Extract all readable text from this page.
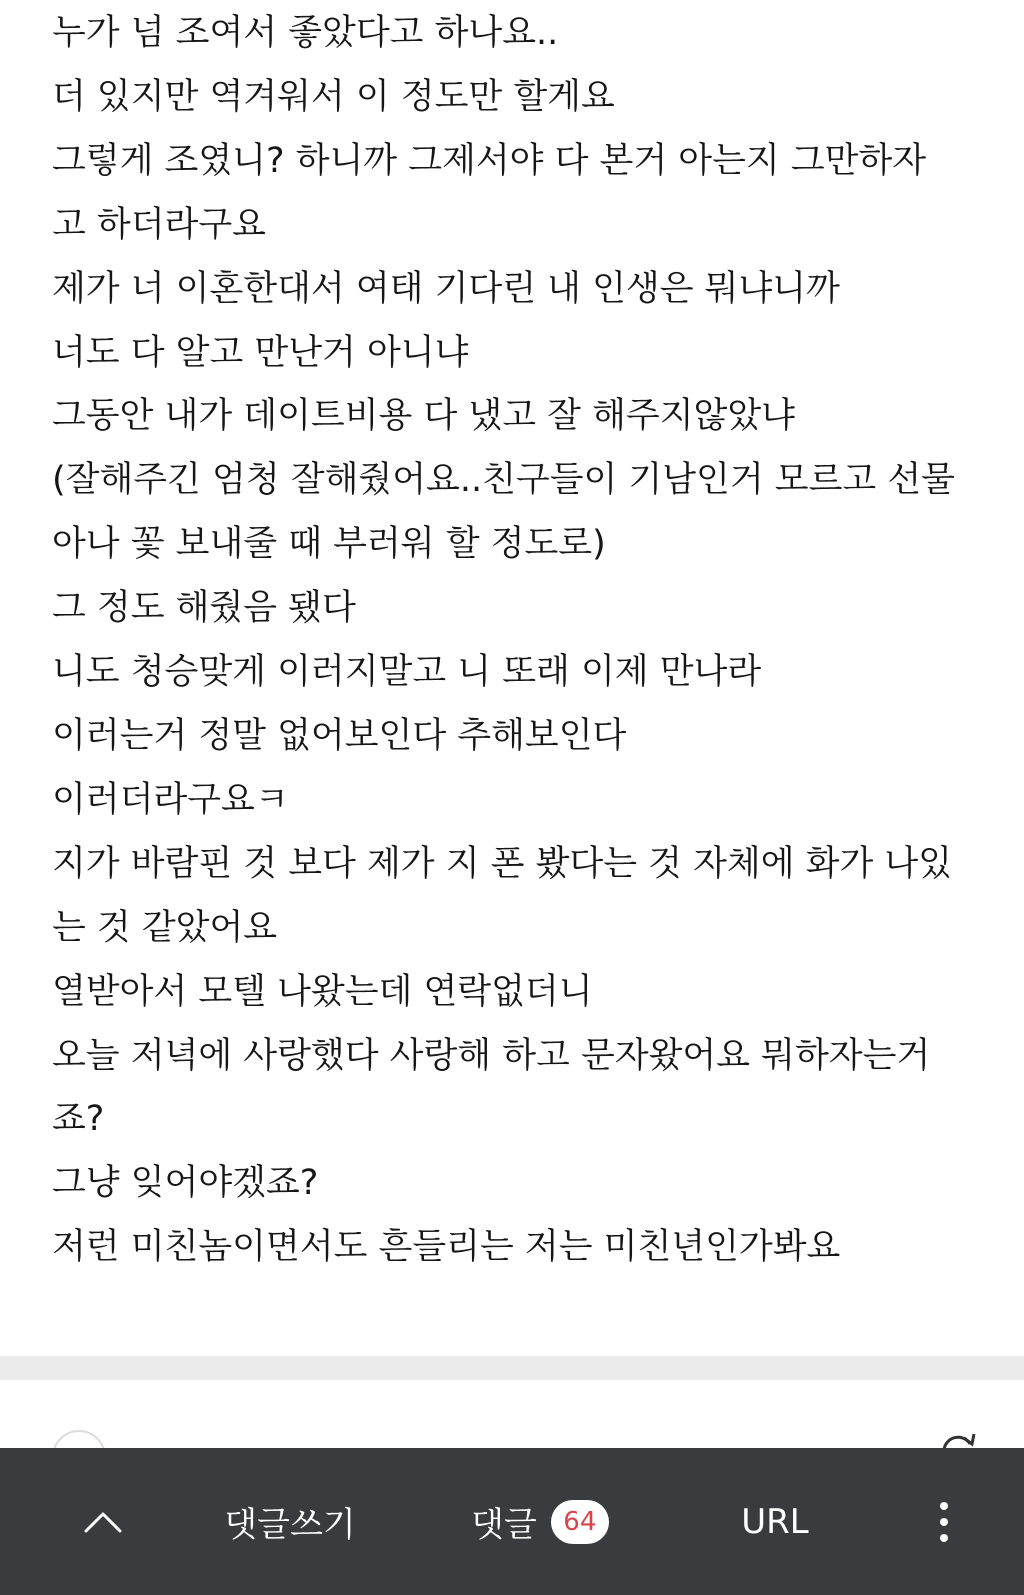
누가 넘 조여서 좋았다고 하나요..
더 있지만 역겨워서 이 정도만 할게요
그렇게 조였니? 하니까 그제서야 다 본거 아는지 그만하자
고 하더라구요
제가 너 이혼한대서 여태 기다린 내 인생은 뭐냐니까
너도 다 알고 만난거 아니냐
그동안 내가 데이트비용 다 냈고 잘 해주지않았냐
(잘해주긴 엄청 잘해줬어요..친구들이 기남인거 모르고 선물
아나 꽃 보내줄 때 부러워 할 정도로)
그 정도 해줬음 됐다
니도 청승맞게 이러지말고 니 또래 이제 만나라
이러는거 정말 없어보인다 추해보인다
이러더라구요ㅋ
지가 바람핀 것 보다 제가 지 폰 봤다는 것 자체에 화가 나있
는 것 같았어요
열받아서 모텔 나왔는데 연락없더니
오늘 저녁에 사랑했다 사랑해 하고 문자왔어요 뭐하자는거
죠?
그냥 잊어야겠죠?
저런 미친놈이면서도 흔들리는 저는 미친년인가봐요
댓글쓰기	댓글	64	URL
